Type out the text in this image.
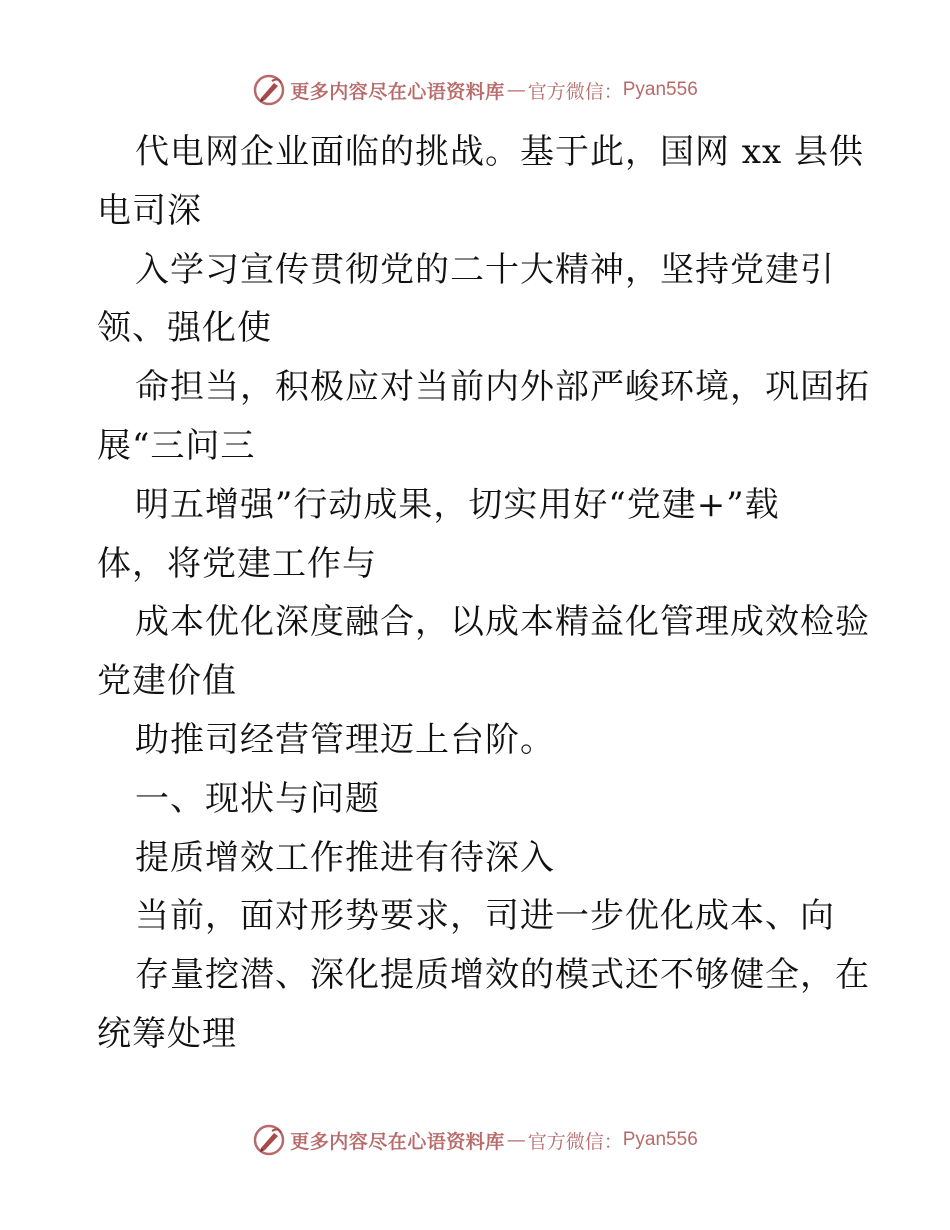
更多内容尽在心语资料库 — 官方微信： Pyan556
代电网企业面临的挑战。基于此，国网 xx 县供
电司深
入学习宣传贯彻党的二十大精神，坚持党建引
领、强化使
命担当，积极应对当前内外部严峻环境，巩固拓
展“三问三
明五增强”行动成果，切实用好“党建+”载
体，将党建工作与
成本优化深度融合，以成本精益化管理成效检验
党建价值
助推司经营管理迈上台阶。
一、现状与问题
提质增效工作推进有待深入
当前，面对形势要求，司进一步优化成本、向
存量挖潜、深化提质增效的模式还不够健全，在
统筹处理
更多内容尽在心语资料库 — 官方微信： Pyan556
